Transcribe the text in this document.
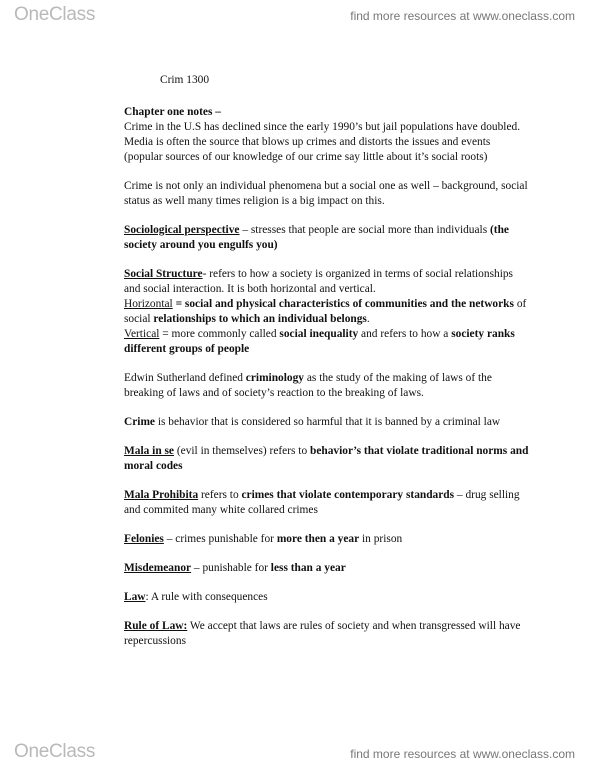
OneClass	find more resources at www.oneclass.com
Crim 1300

Chapter one notes –
Crime in the U.S has declined since the early 1990’s but jail populations have doubled. Media is often the source that blows up crimes and distorts the issues and events (popular sources of our knowledge of our crime say little about it’s social roots)

Crime is not only an individual phenomena but a social one as well – background, social status as well many times religion is a big impact on this.

Sociological perspective – stresses that people are social more than individuals (the society around you engulfs you)

Social Structure- refers to how a society is organized in terms of social relationships and social interaction. It is both horizontal and vertical.
Horizontal = social and physical characteristics of communities and the networks of social relationships to which an individual belongs.
Vertical = more commonly called social inequality and refers to how a society ranks different groups of people

Edwin Sutherland defined criminology as the study of the making of laws of the breaking of laws and of society’s reaction to the breaking of laws.

Crime is behavior that is considered so harmful that it is banned by a criminal law

Mala in se (evil in themselves) refers to behavior’s that violate traditional norms and moral codes

Mala Prohibita refers to crimes that violate contemporary standards – drug selling and commited many white collared crimes

Felonies – crimes punishable for more then a year in prison

Misdemeanor – punishable for less than a year

Law: A rule with consequences

Rule of Law: We accept that laws are rules of society and when transgressed will have repercussions

OneClass	find more resources at www.oneclass.com
